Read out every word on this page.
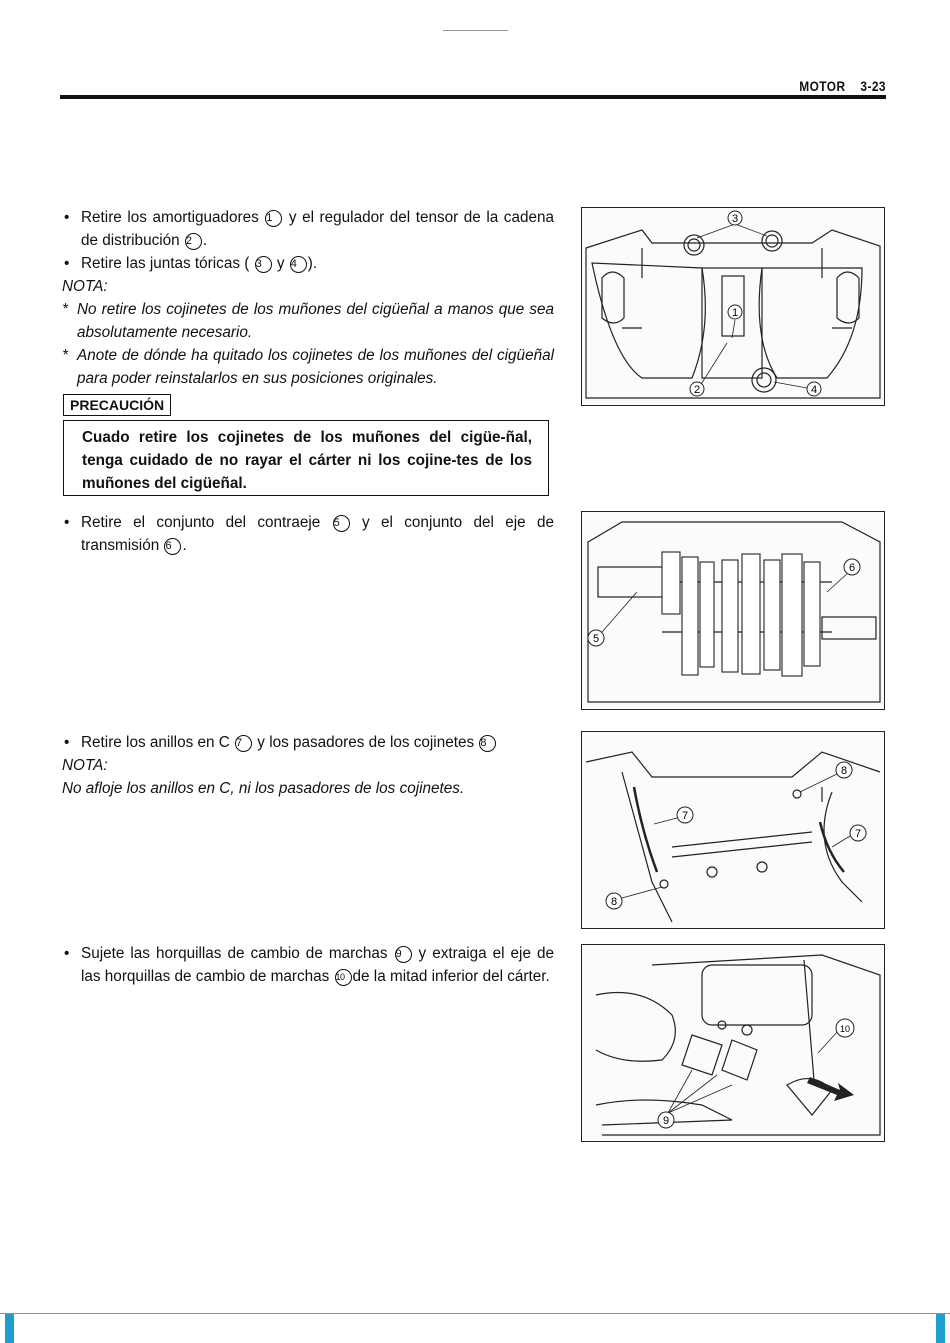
MOTOR    3-23
• Retire los amortiguadores 1 y el regulador del tensor de la cadena de distribución 2 .
• Retire las juntas tóricas ( 3 y 4 ).
NOTA:
* No retire los cojinetes de los muñones del cigüeñal a manos que sea absolutamente necesario.
* Anote de dónde ha quitado los cojinetes de los muñones del cigüeñal para poder reinstalarlos en sus posiciones originales.
PRECAUCIÓN
Cuado retire los cojinetes de los muñones del cigüe-ñal, tenga cuidado de no rayar el cárter ni los cojine-tes de los muñones del cigüeñal.
• Retire el conjunto del contraeje 5 y el conjunto del eje de transmisión 6 .
• Retire los anillos en C 7 y los pasadores de los cojinetes 8
NOTA:
No afloje los anillos en C, ni los pasadores de los cojinetes.
• Sujete las horquillas de cambio de marchas 9 y extraiga el eje de las horquillas de cambio de marchas 10 de la mitad inferior del cárter.
3
1
2	4
6
5
8
7
7
8
10
9
